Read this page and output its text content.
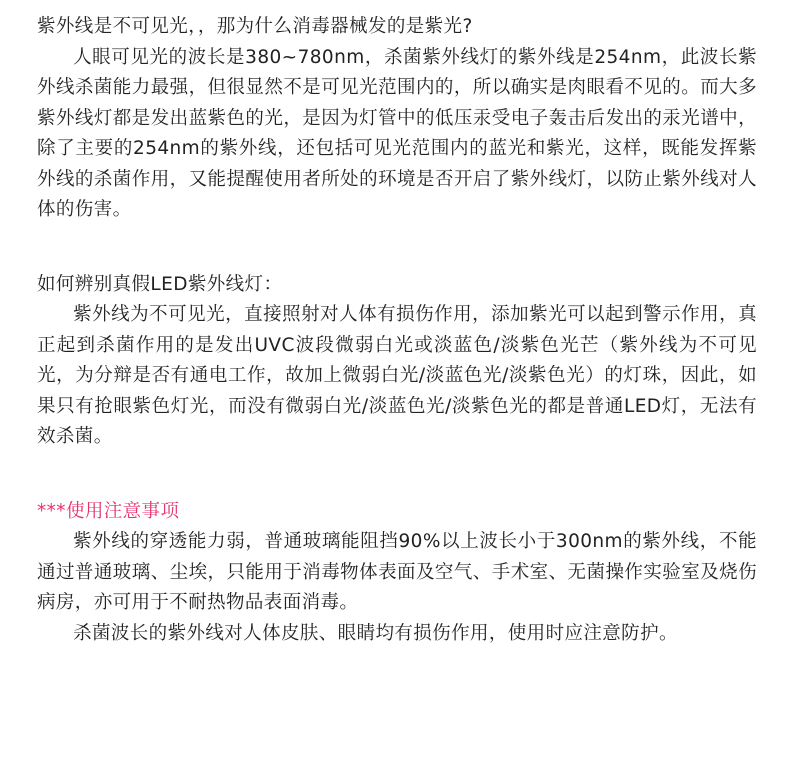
紫外线是不可见光，，那为什么消毒器械发的是紫光?

人眼可见光的波长是380~780nm，杀菌紫外线灯的紫外线是254nm，此波长紫外线杀菌能力最强，但很显然不是可见光范围内的，所以确实是肉眼看不见的。而大多紫外线灯都是发出蓝紫色的光，是因为灯管中的低压汞受电子轰击后发出的汞光谱中，除了主要的254nm的紫外线，还包括可见光范围内的蓝光和紫光，这样，既能发挥紫外线的杀菌作用，又能提醒使用者所处的环境是否开启了紫外线灯，以防止紫外线对人体的伤害。

如何辨别真假LED紫外线灯：

紫外线为不可见光，直接照射对人体有损伤作用，添加紫光可以起到警示作用，真正起到杀菌作用的是发出UVC波段微弱白光或淡蓝色/淡紫色光芒（紫外线为不可见光，为分辩是否有通电工作，故加上微弱白光/淡蓝色光/淡紫色光）的灯珠，因此，如果只有抢眼紫色灯光，而没有微弱白光/淡蓝色光/淡紫色光的都是普通LED灯，无法有效杀菌。

***使用注意事项

紫外线的穿透能力弱，普通玻璃能阻挡90%以上波长小于300nm的紫外线，不能通过普通玻璃、尘埃，只能用于消毒物体表面及空气、手术室、无菌操作实验室及烧伤病房，亦可用于不耐热物品表面消毒。

杀菌波长的紫外线对人体皮肤、眼睛均有损伤作用，使用时应注意防护。
